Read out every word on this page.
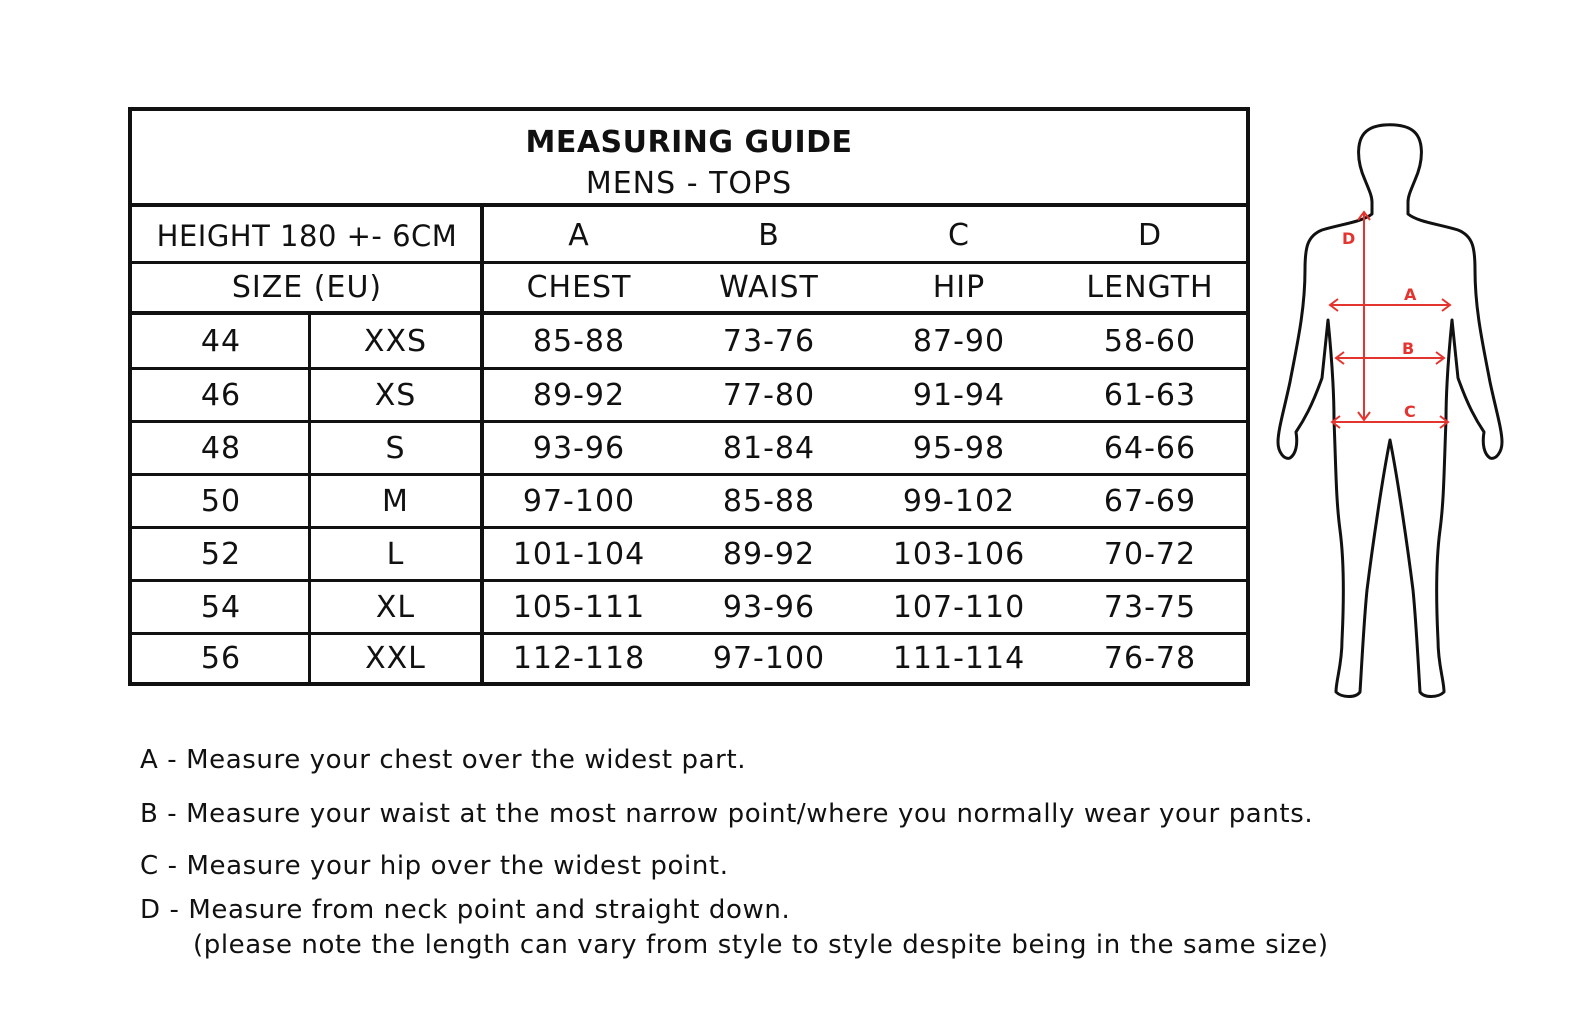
MEASURING GUIDE
MENS - TOPS
HEIGHT 180 +- 6CM	A	B	C	D
SIZE (EU)	CHEST	WAIST	HIP	LENGTH
44	XXS	85-88	73-76	87-90	58-60
46	XS	89-92	77-80	91-94	61-63
48	S	93-96	81-84	95-98	64-66
50	M	97-100	85-88	99-102	67-69
52	L	101-104	89-92	103-106	70-72
54	XL	105-111	93-96	107-110	73-75
56	XXL	112-118	97-100	111-114	76-78
D
A
B
C
A - Measure your chest over the widest part.
B - Measure your waist at the most narrow point/where you normally wear your pants.
C - Measure your hip over the widest point.
D - Measure from neck point and straight down.
(please note the length can vary from style to style despite being in the same size)
